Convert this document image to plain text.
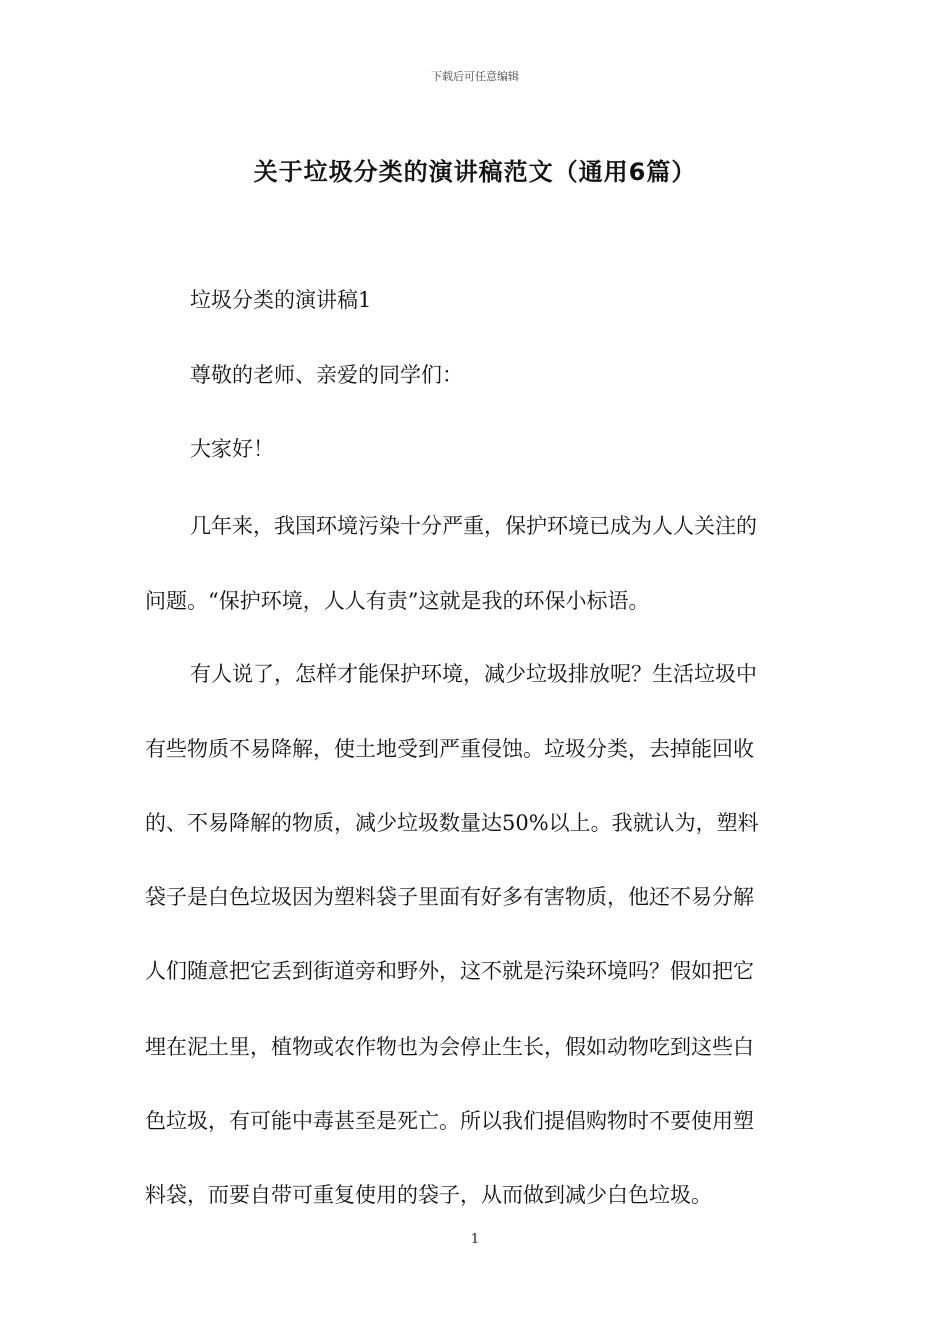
下载后可任意编辑
关于垃圾分类的演讲稿范文（通用6篇）
垃圾分类的演讲稿1
尊敬的老师、亲爱的同学们：
大家好！
几年来，我国环境污染十分严重，保护环境已成为人人关注的
问题。“保护环境，人人有责”这就是我的环保小标语。
有人说了，怎样才能保护环境，减少垃圾排放呢？生活垃圾中
有些物质不易降解，使土地受到严重侵蚀。垃圾分类，去掉能回收
的、不易降解的物质，减少垃圾数量达50%以上。我就认为，塑料
袋子是白色垃圾因为塑料袋子里面有好多有害物质，他还不易分解
人们随意把它丢到街道旁和野外，这不就是污染环境吗？假如把它
埋在泥土里，植物或农作物也为会停止生长，假如动物吃到这些白
色垃圾，有可能中毒甚至是死亡。所以我们提倡购物时不要使用塑
料袋，而要自带可重复使用的袋子，从而做到减少白色垃圾。
1
